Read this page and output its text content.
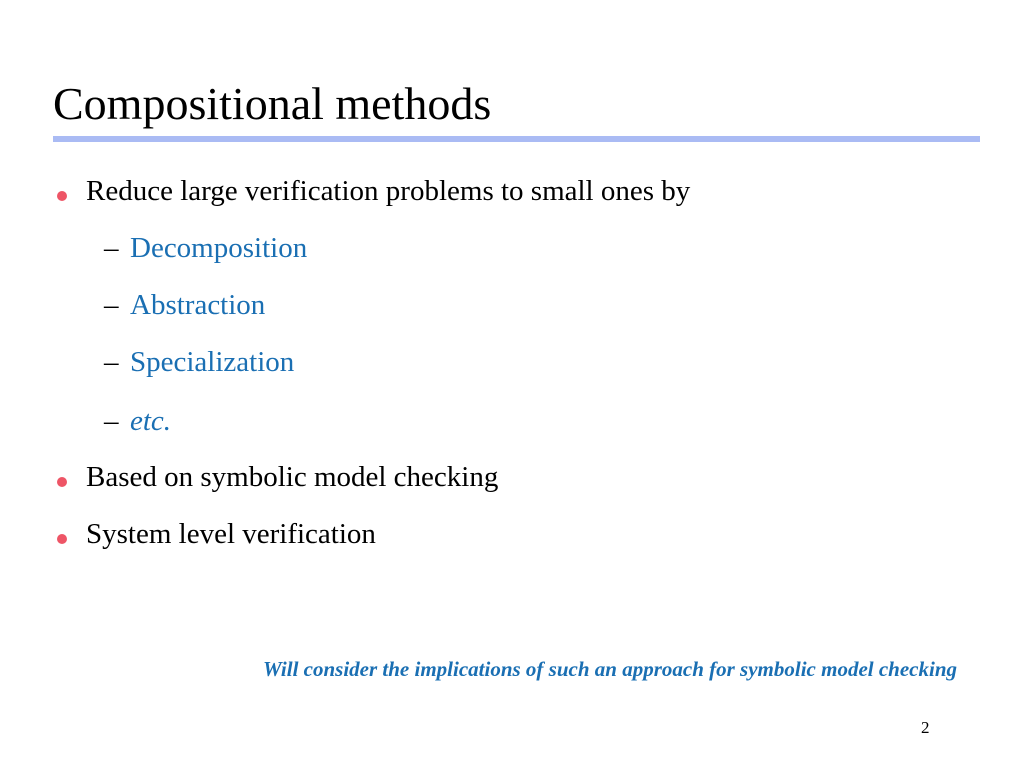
Compositional methods
Reduce large verification problems to small ones by
– Decomposition
– Abstraction
– Specialization
– etc.
Based on symbolic model checking
System level verification
Will consider the implications of such an approach for symbolic model checking
2
